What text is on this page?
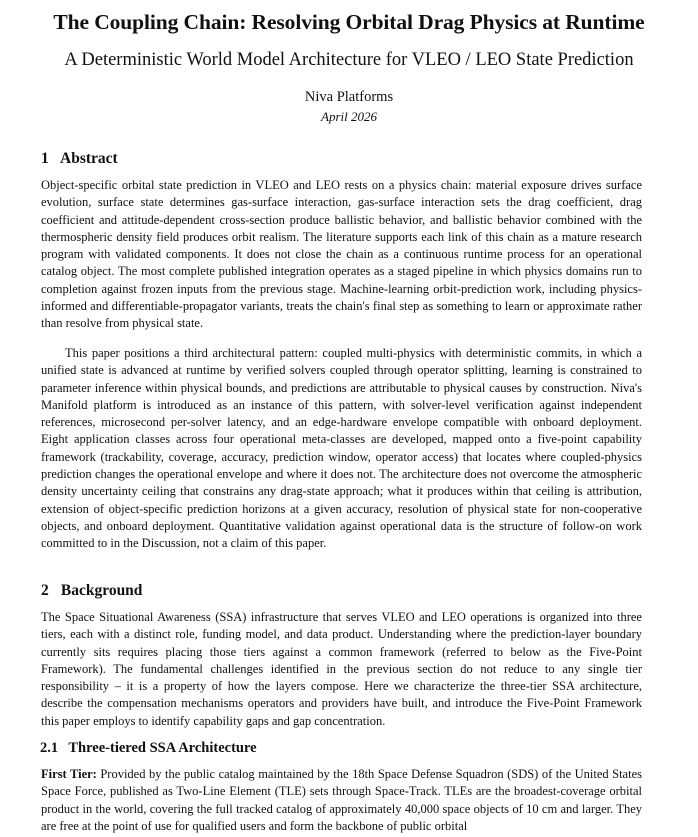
The Coupling Chain: Resolving Orbital Drag Physics at Runtime
A Deterministic World Model Architecture for VLEO / LEO State Prediction
Niva Platforms
April 2026
1 Abstract

Object-specific orbital state prediction in VLEO and LEO rests on a physics chain: material exposure drives surface evolution, surface state determines gas-surface interaction, gas-surface interaction sets the drag coefficient, drag coefficient and attitude-dependent cross-section produce ballistic behavior, and ballistic behavior combined with the thermospheric density field produces orbit realism. The literature supports each link of this chain as a mature research program with validated components. It does not close the chain as a continuous runtime process for an operational catalog object. The most complete published integration operates as a staged pipeline in which physics domains run to completion against frozen inputs from the previous stage. Machine-learning orbit-prediction work, including physics-informed and differentiable-propagator variants, treats the chain's final step as something to learn or approximate rather than resolve from physical state.

This paper positions a third architectural pattern: coupled multi-physics with deterministic commits, in which a unified state is advanced at runtime by verified solvers coupled through operator splitting, learning is constrained to parameter inference within physical bounds, and predictions are attributable to physical causes by construction. Niva's Manifold platform is introduced as an instance of this pattern, with solver-level verification against independent references, microsecond per-solver latency, and an edge-hardware envelope compatible with onboard deployment. Eight application classes across four operational meta-classes are developed, mapped onto a five-point capability framework (trackability, coverage, accuracy, prediction window, operator access) that locates where coupled-physics prediction changes the operational envelope and where it does not. The architecture does not overcome the atmospheric density uncertainty ceiling that constrains any drag-state approach; what it produces within that ceiling is attribution, extension of object-specific prediction horizons at a given accuracy, resolution of physical state for non-cooperative objects, and onboard deployment. Quantitative validation against operational data is the structure of follow-on work committed to in the Discussion, not a claim of this paper.

2 Background

The Space Situational Awareness (SSA) infrastructure that serves VLEO and LEO operations is organized into three tiers, each with a distinct role, funding model, and data product. Understanding where the prediction-layer boundary currently sits requires placing those tiers against a common framework (referred to below as the Five-Point Framework). The fundamental challenges identified in the previous section do not reduce to any single tier responsibility – it is a property of how the layers compose. Here we characterize the three-tier SSA architecture, describe the compensation mechanisms operators and providers have built, and introduce the Five-Point Framework this paper employs to identify capability gaps and gap concentration.

2.1 Three-tiered SSA Architecture

First Tier: Provided by the public catalog maintained by the 18th Space Defense Squadron (SDS) of the United States Space Force, published as Two-Line Element (TLE) sets through Space-Track. TLEs are the broadest-coverage orbital product in the world, covering the full tracked catalog of approximately 40,000 space objects of 10 cm and larger. They are free at the point of use for qualified users and form the backbone of public orbital
